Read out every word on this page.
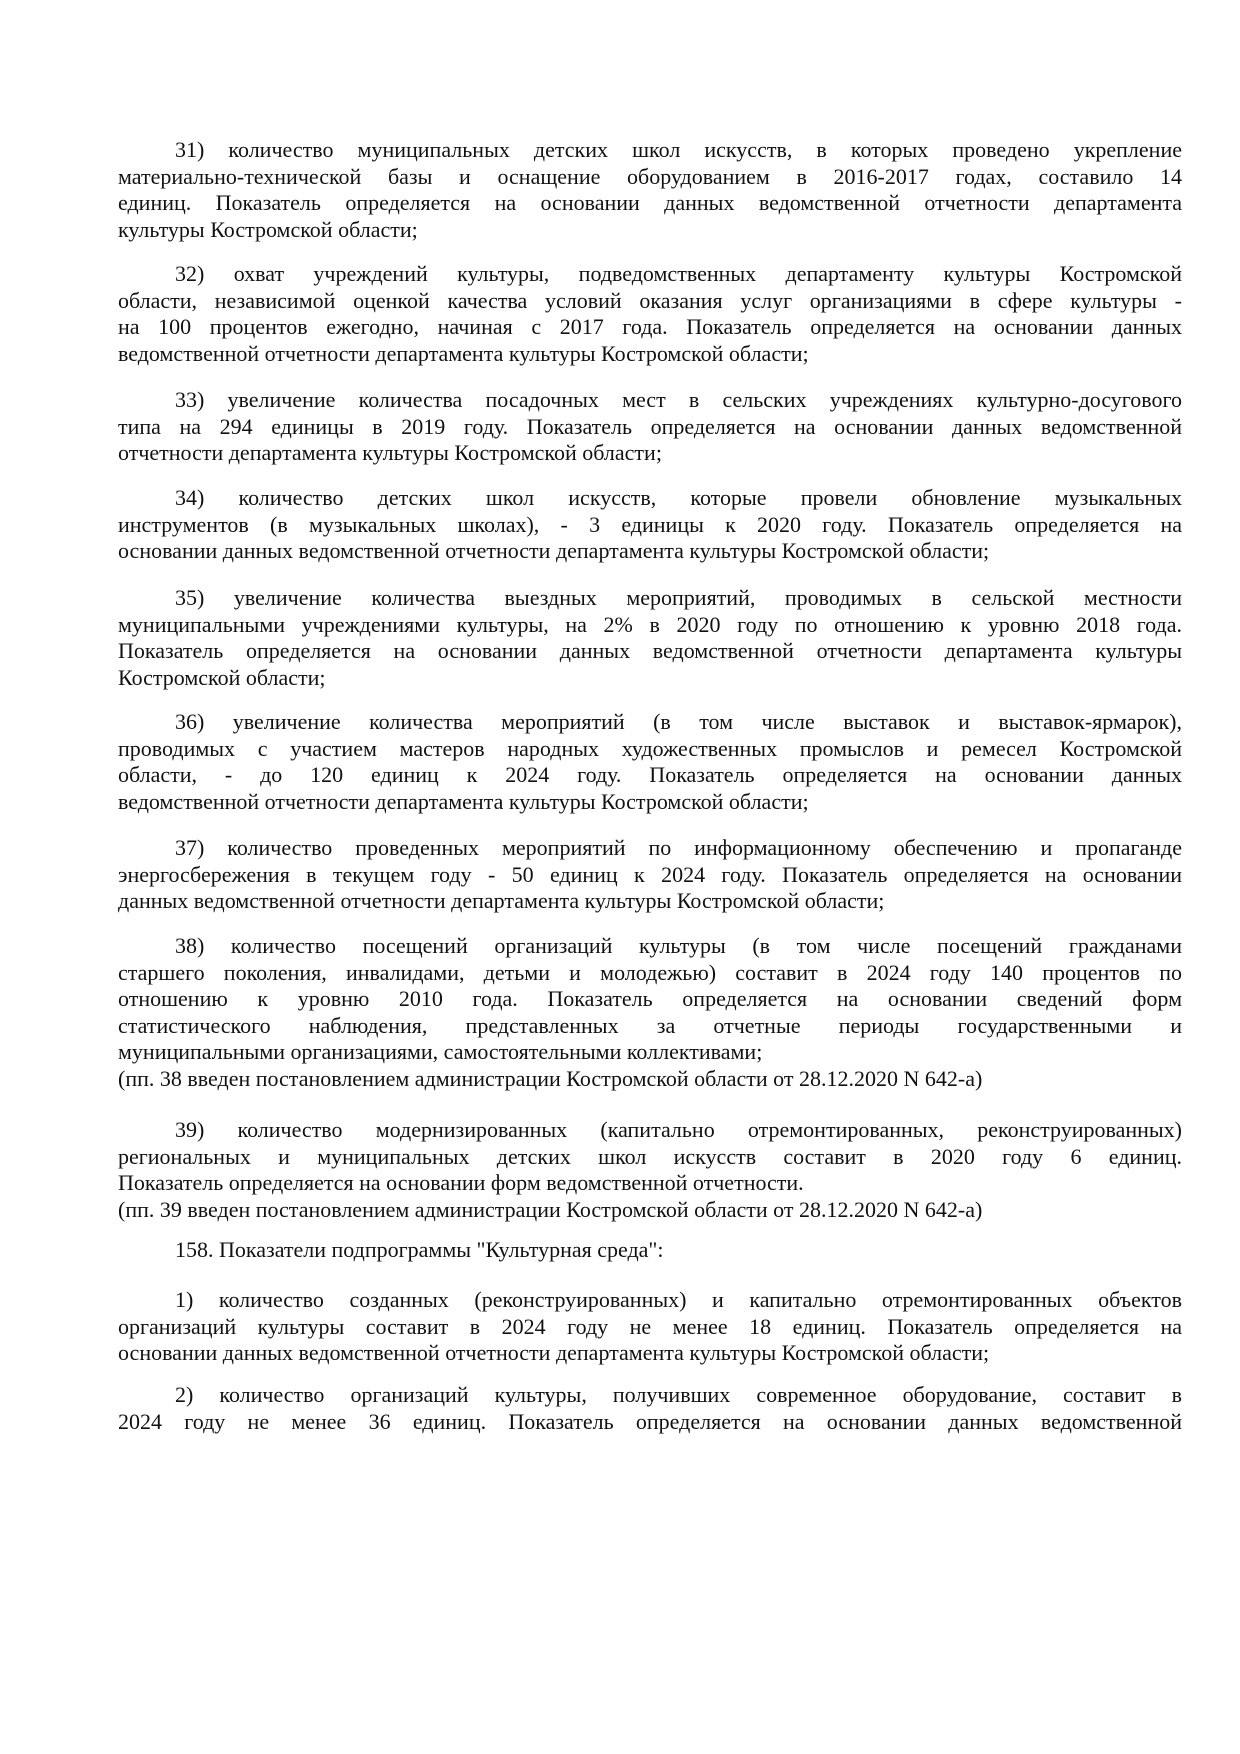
31) количество муниципальных детских школ искусств, в которых проведено укрепление
материально-технической базы и оснащение оборудованием в 2016-2017 годах, составило 14
единиц. Показатель определяется на основании данных ведомственной отчетности департамента
культуры Костромской области;
32) охват учреждений культуры, подведомственных департаменту культуры Костромской
области, независимой оценкой качества условий оказания услуг организациями в сфере культуры -
на 100 процентов ежегодно, начиная с 2017 года. Показатель определяется на основании данных
ведомственной отчетности департамента культуры Костромской области;
33) увеличение количества посадочных мест в сельских учреждениях культурно-досугового
типа на 294 единицы в 2019 году. Показатель определяется на основании данных ведомственной
отчетности департамента культуры Костромской области;
34) количество детских школ искусств, которые провели обновление музыкальных
инструментов (в музыкальных школах), - 3 единицы к 2020 году. Показатель определяется на
основании данных ведомственной отчетности департамента культуры Костромской области;
35) увеличение количества выездных мероприятий, проводимых в сельской местности
муниципальными учреждениями культуры, на 2% в 2020 году по отношению к уровню 2018 года.
Показатель определяется на основании данных ведомственной отчетности департамента культуры
Костромской области;
36) увеличение количества мероприятий (в том числе выставок и выставок-ярмарок),
проводимых с участием мастеров народных художественных промыслов и ремесел Костромской
области, - до 120 единиц к 2024 году. Показатель определяется на основании данных
ведомственной отчетности департамента культуры Костромской области;
37) количество проведенных мероприятий по информационному обеспечению и пропаганде
энергосбережения в текущем году - 50 единиц к 2024 году. Показатель определяется на основании
данных ведомственной отчетности департамента культуры Костромской области;
38) количество посещений организаций культуры (в том числе посещений гражданами
старшего поколения, инвалидами, детьми и молодежью) составит в 2024 году 140 процентов по
отношению к уровню 2010 года. Показатель определяется на основании сведений форм
статистического наблюдения, представленных за отчетные периоды государственными и
муниципальными организациями, самостоятельными коллективами;
(пп. 38 введен постановлением администрации Костромской области от 28.12.2020 N 642-а)
39) количество модернизированных (капитально отремонтированных, реконструированных)
региональных и муниципальных детских школ искусств составит в 2020 году 6 единиц.
Показатель определяется на основании форм ведомственной отчетности.
(пп. 39 введен постановлением администрации Костромской области от 28.12.2020 N 642-а)
158. Показатели подпрограммы "Культурная среда":
1) количество созданных (реконструированных) и капитально отремонтированных объектов
организаций культуры составит в 2024 году не менее 18 единиц. Показатель определяется на
основании данных ведомственной отчетности департамента культуры Костромской области;
2) количество организаций культуры, получивших современное оборудование, составит в
2024 году не менее 36 единиц. Показатель определяется на основании данных ведомственной
